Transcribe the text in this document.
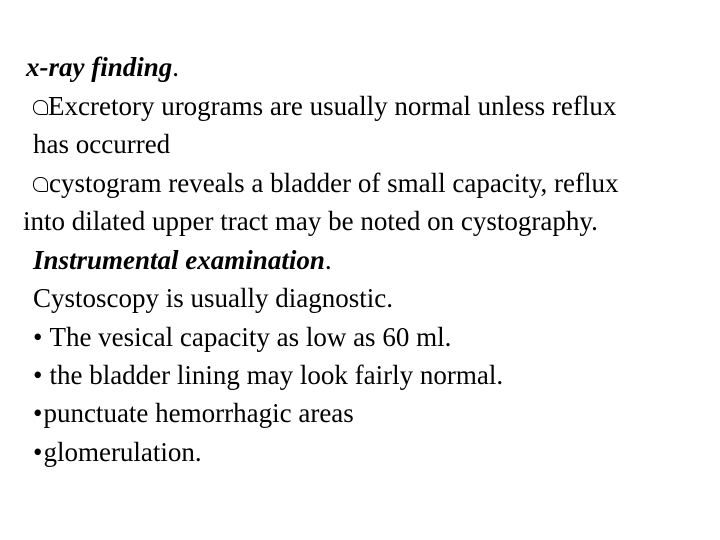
x-ray finding.
Excretory urograms are usually normal unless reflux
has occurred
cystogram reveals a bladder of small capacity, reflux
into dilated upper tract may be noted on cystography.
Instrumental examination.
Cystoscopy is usually diagnostic.
• The vesical capacity as low as 60 ml.
• the bladder lining may look fairly normal.
•punctuate hemorrhagic areas
•glomerulation.
